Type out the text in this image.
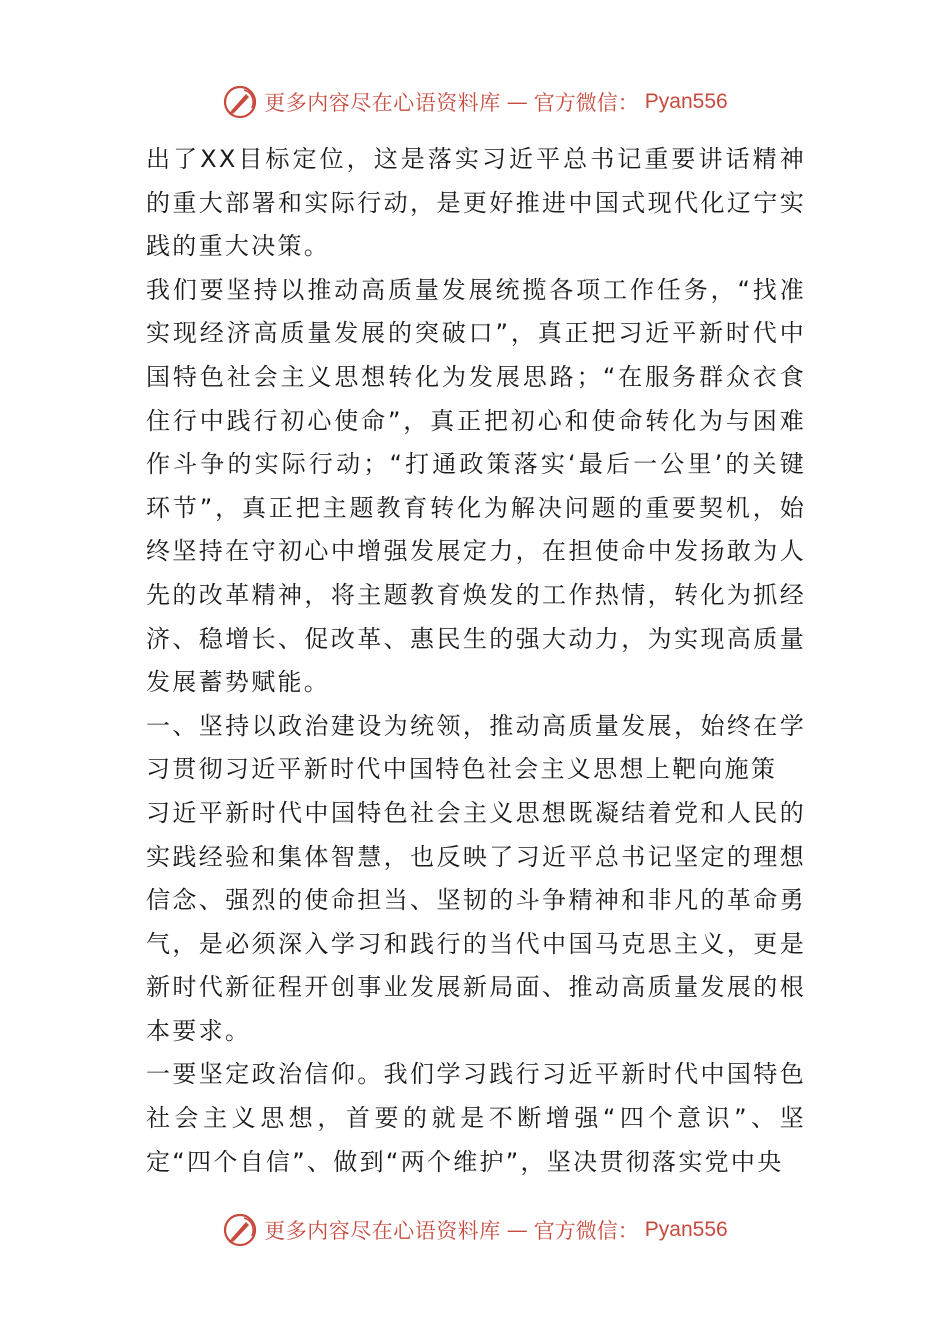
更多内容尽在心语资料库 — 官方微信： Pyan556

出了XX目标定位，这是落实习近平总书记重要讲话精神的重大部署和实际行动，是更好推进中国式现代化辽宁实践的重大决策。

我们要坚持以推动高质量发展统揽各项工作任务，“找准实现经济高质量发展的突破口”，真正把习近平新时代中国特色社会主义思想转化为发展思路；“在服务群众衣食住行中践行初心使命”，真正把初心和使命转化为与困难作斗争的实际行动；“打通政策落实‘最后一公里’的关键环节”，真正把主题教育转化为解决问题的重要契机，始终坚持在守初心中增强发展定力，在担使命中发扬敢为人先的改革精神，将主题教育焕发的工作热情，转化为抓经济、稳增长、促改革、惠民生的强大动力，为实现高质量发展蓄势赋能。

一、坚持以政治建设为统领，推动高质量发展，始终在学习贯彻习近平新时代中国特色社会主义思想上靶向施策

习近平新时代中国特色社会主义思想既凝结着党和人民的实践经验和集体智慧，也反映了习近平总书记坚定的理想信念、强烈的使命担当、坚韧的斗争精神和非凡的革命勇气，是必须深入学习和践行的当代中国马克思主义，更是新时代新征程开创事业发展新局面、推动高质量发展的根本要求。

一要坚定政治信仰。我们学习践行习近平新时代中国特色社会主义思想，首要的就是不断增强“四个意识”、坚定“四个自信”、做到“两个维护”，坚决贯彻落实党中央

更多内容尽在心语资料库 — 官方微信： Pyan556
